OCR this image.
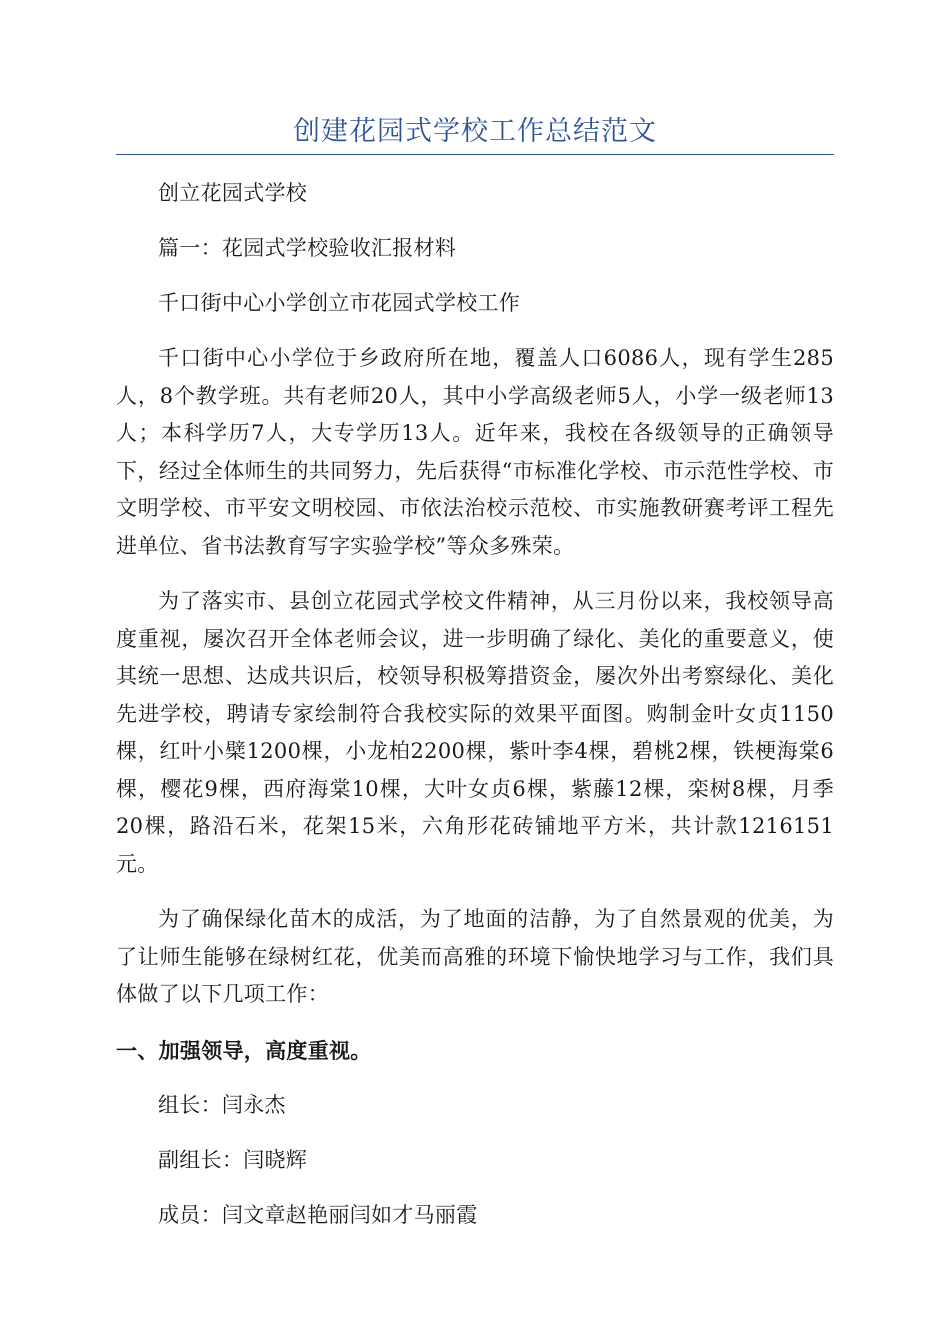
创建花园式学校工作总结范文

创立花园式学校

篇一：花园式学校验收汇报材料

千口街中心小学创立市花园式学校工作

千口街中心小学位于乡政府所在地，覆盖人口6086人，现有学生285人，8个教学班。共有老师20人，其中小学高级老师5人，小学一级老师13人；本科学历7人，大专学历13人。近年来，我校在各级领导的正确领导下，经过全体师生的共同努力，先后获得“市标准化学校、市示范性学校、市文明学校、市平安文明校园、市依法治校示范校、市实施教研赛考评工程先进单位、省书法教育写字实验学校”等众多殊荣。

为了落实市、县创立花园式学校文件精神，从三月份以来，我校领导高度重视，屡次召开全体老师会议，进一步明确了绿化、美化的重要意义，使其统一思想、达成共识后，校领导积极筹措资金，屡次外出考察绿化、美化先进学校，聘请专家绘制符合我校实际的效果平面图。购制金叶女贞1150棵，红叶小檗1200棵，小龙柏2200棵，紫叶李4棵，碧桃2棵，铁梗海棠6棵，樱花9棵，西府海棠10棵，大叶女贞6棵，紫藤12棵，栾树8棵，月季20棵，路沿石米，花架15米，六角形花砖铺地平方米，共计款1216151元。

为了确保绿化苗木的成活，为了地面的洁静，为了自然景观的优美，为了让师生能够在绿树红花，优美而高雅的环境下愉快地学习与工作，我们具体做了以下几项工作：

一、加强领导，高度重视。

组长：闫永杰

副组长：闫晓辉

成员：闫文章赵艳丽闫如才马丽霞
